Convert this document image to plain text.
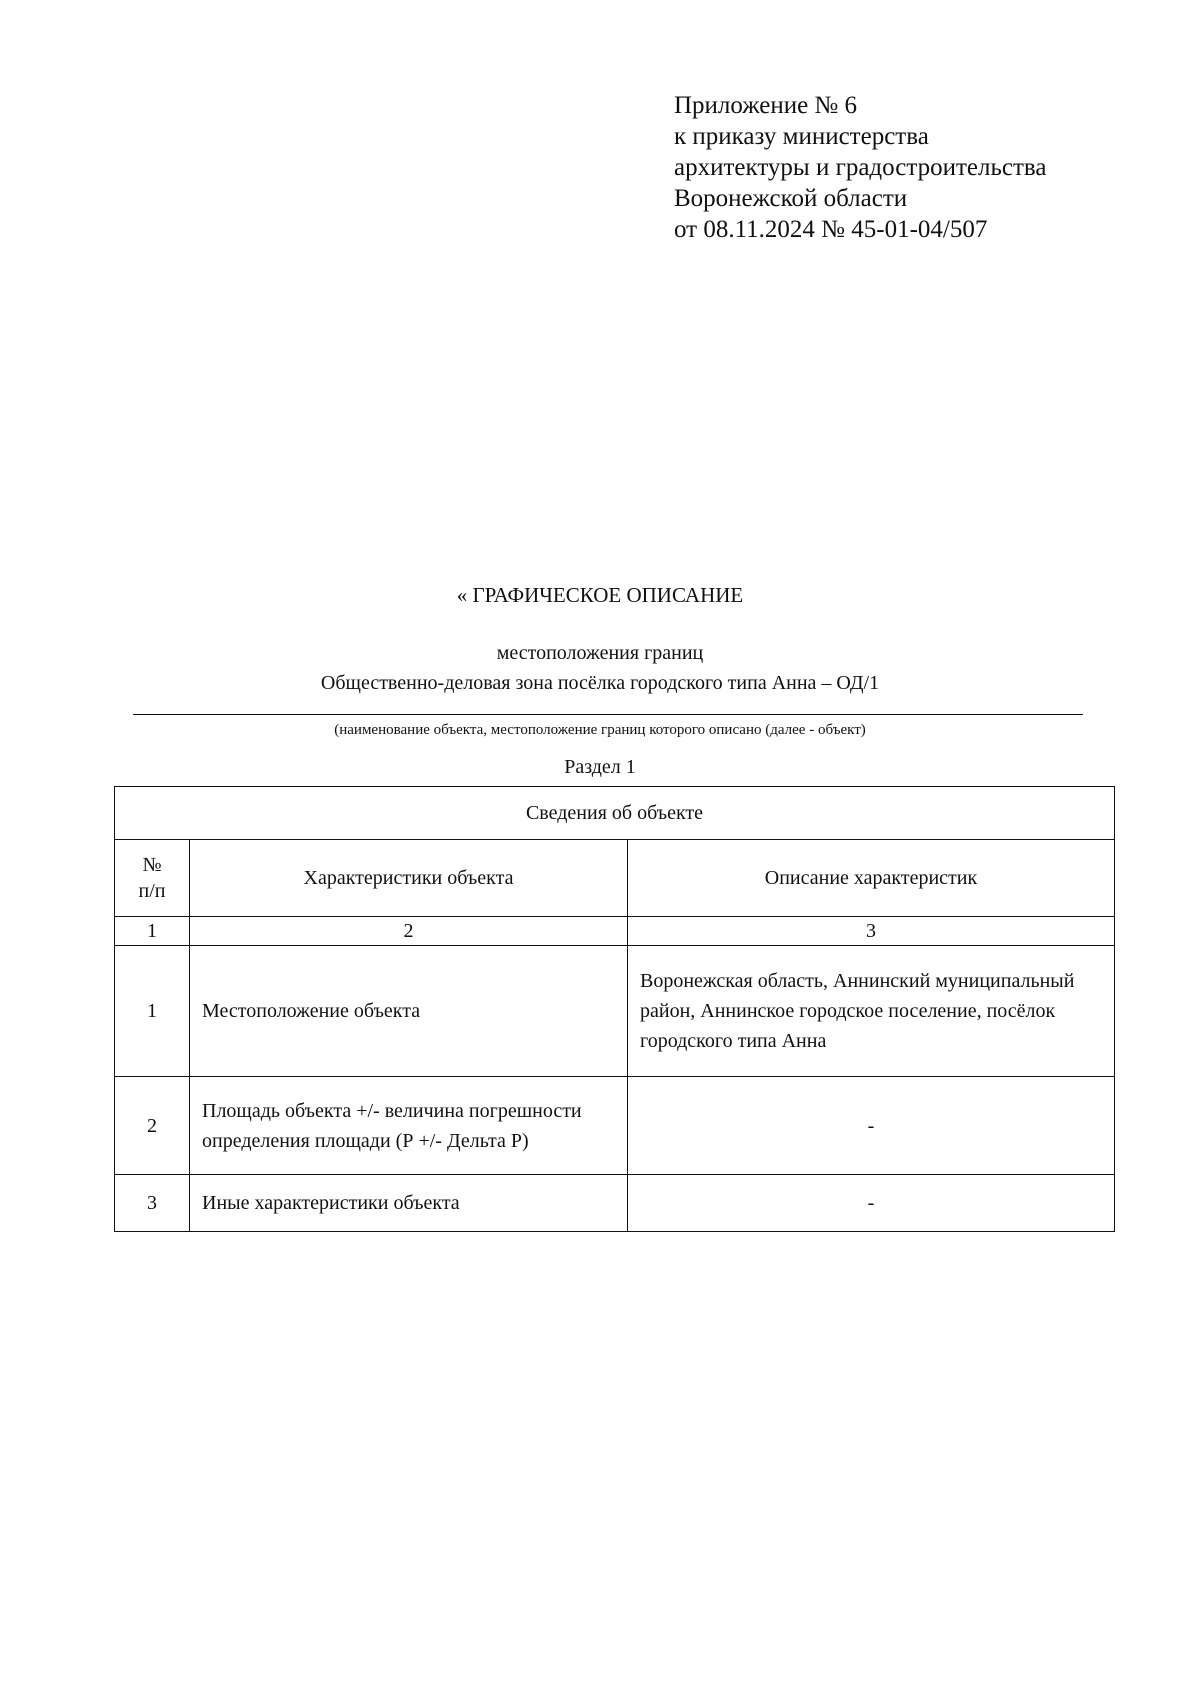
Приложение № 6
к приказу министерства
архитектуры и градостроительства
Воронежской области
от 08.11.2024 № 45-01-04/507
« ГРАФИЧЕСКОЕ ОПИСАНИЕ
местоположения границ
Общественно-деловая зона посёлка городского типа Анна – ОД/1
(наименование объекта, местоположение границ которого описано (далее - объект)
Раздел 1
Сведения об объекте		
№ п/п	Характеристики объекта	Описание характеристик
1	2	3
1	Местоположение объекта	Воронежская область, Аннинский муниципальный район, Аннинское городское поселение, посёлок городского типа Анна
2	Площадь объекта +/- величина погрешности определения площади (Р +/- Дельта Р)	-
3	Иные характеристики объекта	-
